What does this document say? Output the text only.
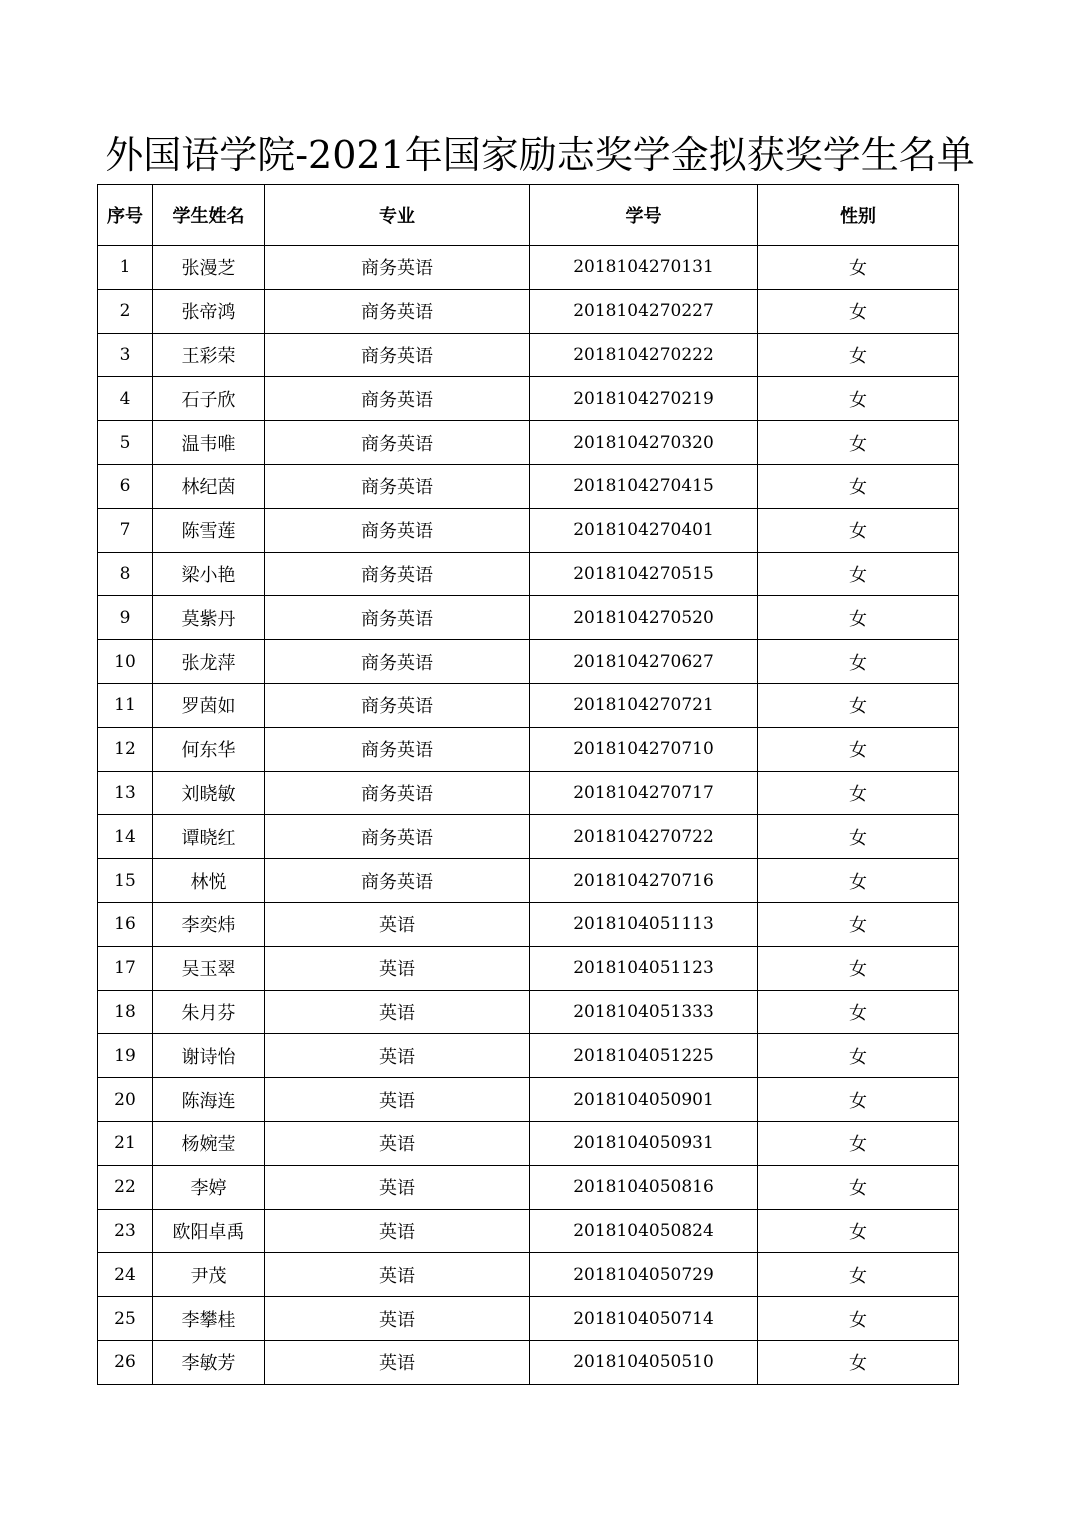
外国语学院-2021年国家励志奖学金拟获奖学生名单
序号	学生姓名	专业	学号	性别
1	张漫芝	商务英语	2018104270131	女
2	张帝鸿	商务英语	2018104270227	女
3	王彩荣	商务英语	2018104270222	女
4	石子欣	商务英语	2018104270219	女
5	温韦唯	商务英语	2018104270320	女
6	林纪茵	商务英语	2018104270415	女
7	陈雪莲	商务英语	2018104270401	女
8	梁小艳	商务英语	2018104270515	女
9	莫紫丹	商务英语	2018104270520	女
10	张龙萍	商务英语	2018104270627	女
11	罗茵如	商务英语	2018104270721	女
12	何东华	商务英语	2018104270710	女
13	刘晓敏	商务英语	2018104270717	女
14	谭晓红	商务英语	2018104270722	女
15	林悦	商务英语	2018104270716	女
16	李奕炜	英语	2018104051113	女
17	吴玉翠	英语	2018104051123	女
18	朱月芬	英语	2018104051333	女
19	谢诗怡	英语	2018104051225	女
20	陈海连	英语	2018104050901	女
21	杨婉莹	英语	2018104050931	女
22	李婷	英语	2018104050816	女
23	欧阳卓禹	英语	2018104050824	女
24	尹茂	英语	2018104050729	女
25	李攀桂	英语	2018104050714	女
26	李敏芳	英语	2018104050510	女
